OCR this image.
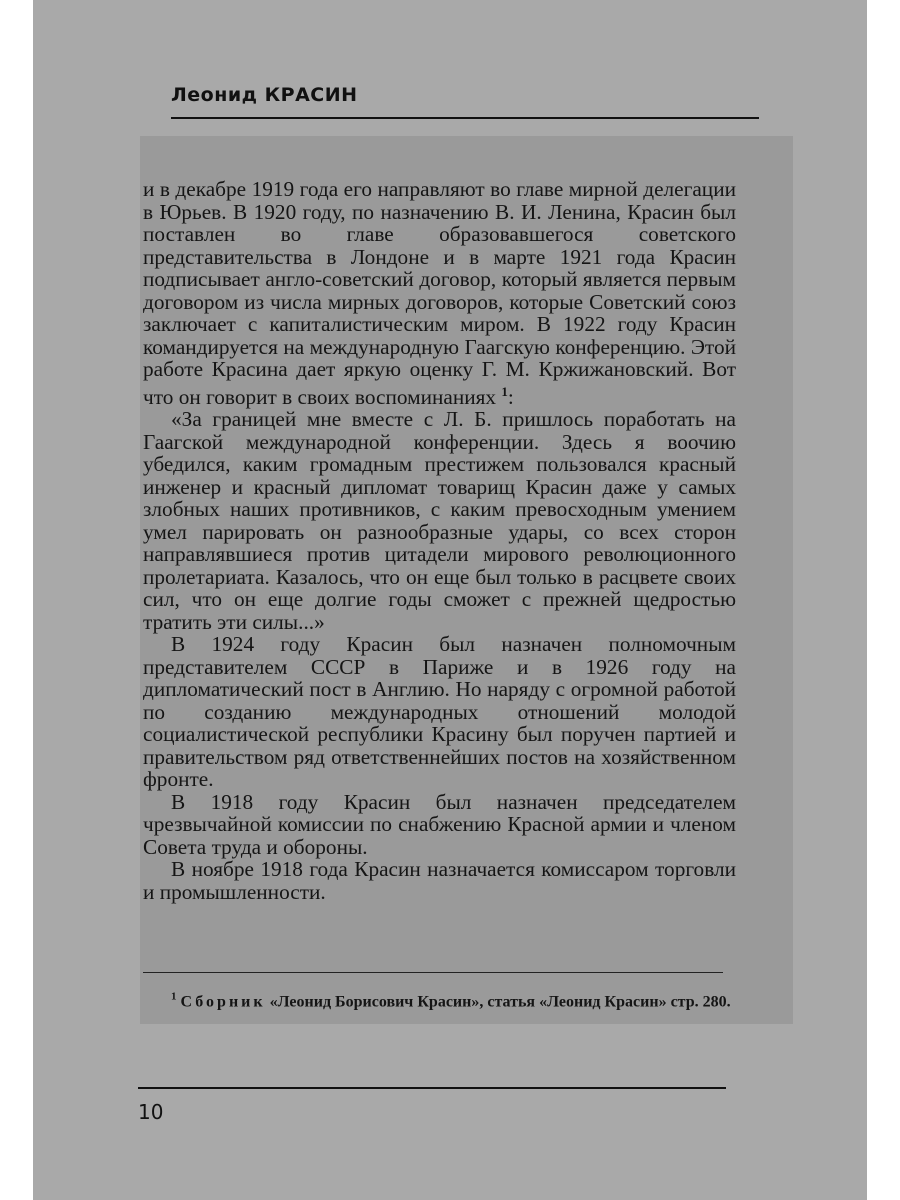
Леонид КРАСИН

и в декабре 1919 года его направляют во главе мирной делегации в Юрьев. В 1920 году, по назначению В. И. Ленина, Красин был поставлен во главе образовавшегося советского представительства в Лондоне и в марте 1921 года Красин подписывает англо-советский договор, который является первым договором из числа мирных договоров, которые Советский союз заключает с капиталистическим миром. В 1922 году Красин командируется на международную Гаагскую конференцию. Этой работе Красина дает яркую оценку Г. М. Кржижановский. Вот что он говорит в своих воспоминаниях $^1$:

«За границей мне вместе с Л. Б. пришлось поработать на Гаагской международной конференции. Здесь я воочию убедился, каким громадным престижем пользовался красный инженер и красный дипломат товарищ Красин даже у самых злобных наших противников, с каким превосходным умением умел парировать он разнообразные удары, со всех сторон направлявшиеся против цитадели мирового революционного пролетариата. Казалось, что он еще был только в расцвете своих сил, что он еще долгие годы сможет с прежней щедростью тратить эти силы...»

В 1924 году Красин был назначен полномочным представителем СССР в Париже и в 1926 году на дипломатический пост в Англию. Но наряду с огромной работой по созданию международных отношений молодой социалистической республики Красину был поручен партией и правительством ряд ответственнейших постов на хозяйственном фронте.

В 1918 году Красин был назначен председателем чрезвычайной комиссии по снабжению Красной армии и членом Совета труда и обороны.

В ноябре 1918 года Красин назначается комиссаром торговли и промышленности.

$^1$ Сборник «Леонид Борисович Красин», статья «Леонид Красин» стр. 280.
10
